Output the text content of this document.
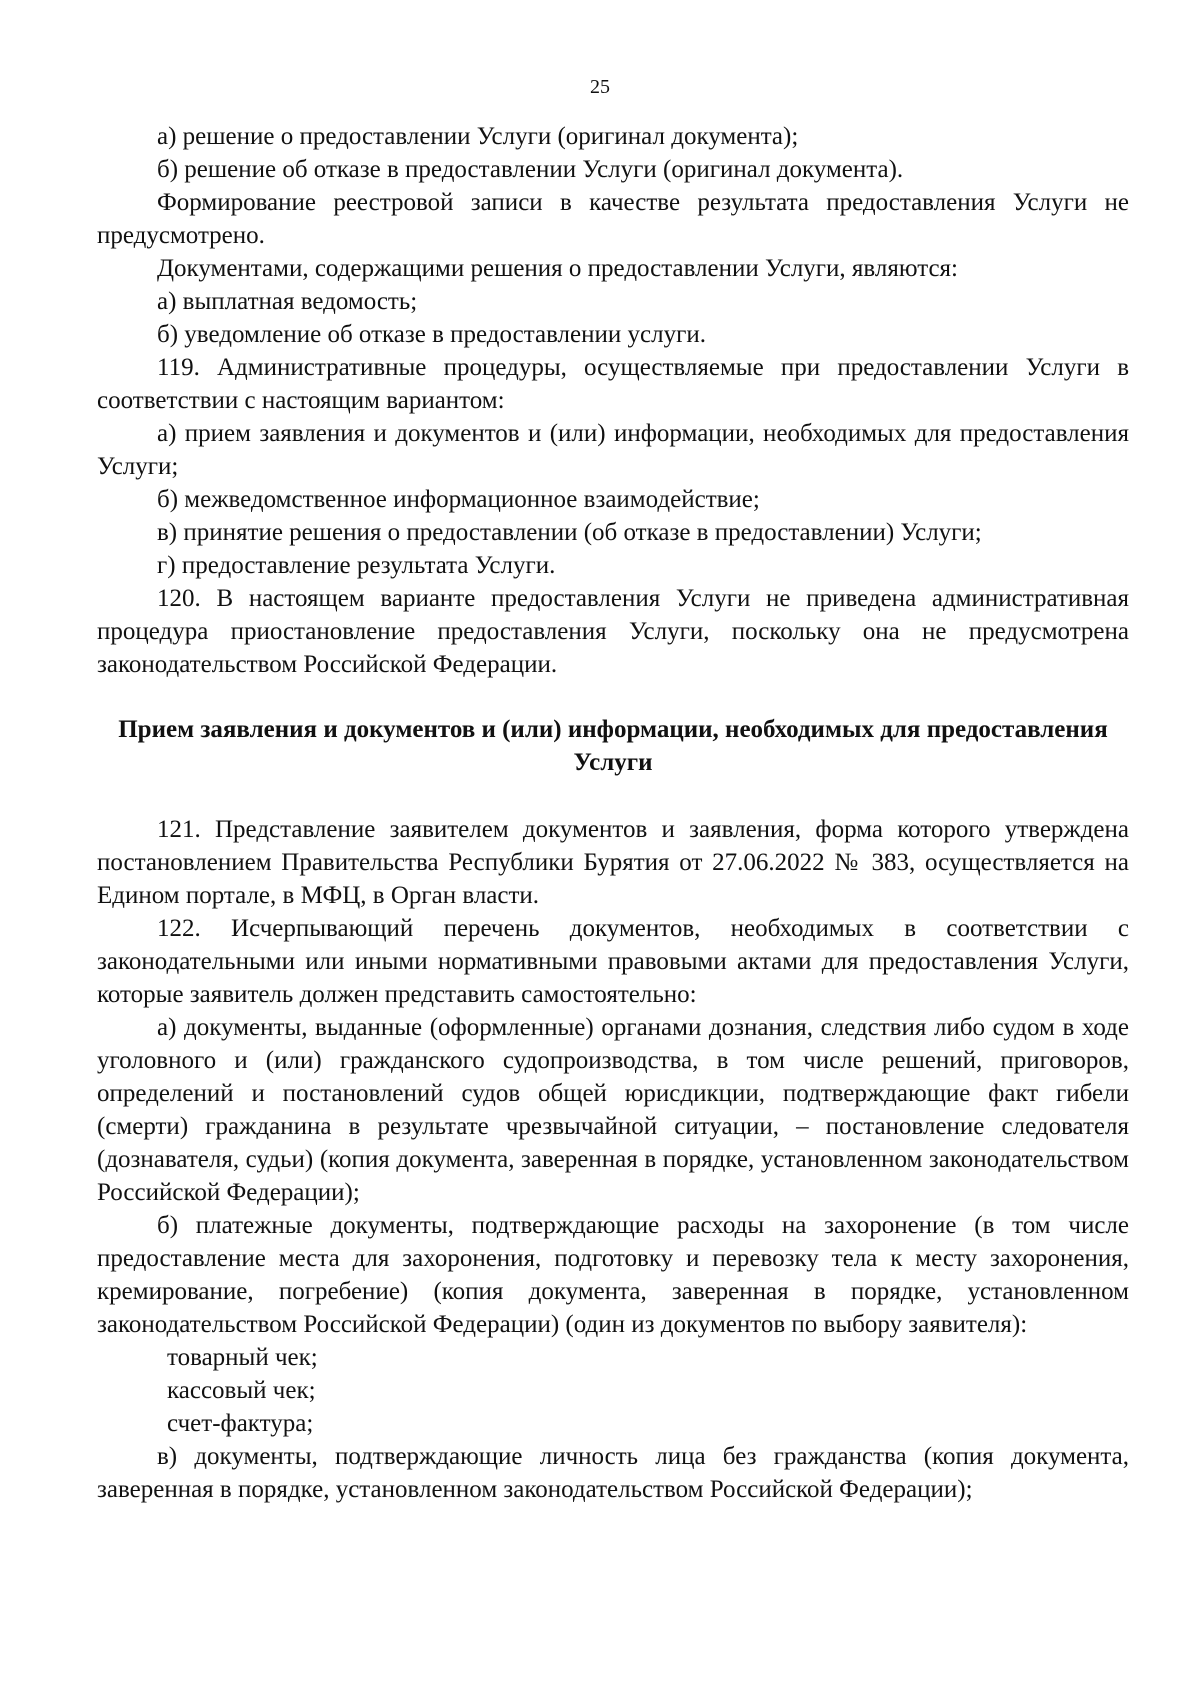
25

а) решение о предоставлении Услуги (оригинал документа);

б) решение об отказе в предоставлении Услуги (оригинал документа).

Формирование реестровой записи в качестве результата предоставления Услуги не предусмотрено.

Документами, содержащими решения о предоставлении Услуги, являются:

а) выплатная ведомость;

б) уведомление об отказе в предоставлении услуги.

119. Административные процедуры, осуществляемые при предоставлении Услуги в соответствии с настоящим вариантом:

а) прием заявления и документов и (или) информации, необходимых для предоставления Услуги;

б) межведомственное информационное взаимодействие;

в) принятие решения о предоставлении (об отказе в предоставлении) Услуги;

г) предоставление результата Услуги.

120. В настоящем варианте предоставления Услуги не приведена административная процедура приостановление предоставления Услуги, поскольку она не предусмотрена законодательством Российской Федерации.

Прием заявления и документов и (или) информации, необходимых для предоставления Услуги

121. Представление заявителем документов и заявления, форма которого утверждена постановлением Правительства Республики Бурятия от 27.06.2022 № 383, осуществляется на Едином портале, в МФЦ, в Орган власти.

122. Исчерпывающий перечень документов, необходимых в соответствии с законодательными или иными нормативными правовыми актами для предоставления Услуги, которые заявитель должен представить самостоятельно:

а) документы, выданные (оформленные) органами дознания, следствия либо судом в ходе уголовного и (или) гражданского судопроизводства, в том числе решений, приговоров, определений и постановлений судов общей юрисдикции, подтверждающие факт гибели (смерти) гражданина в результате чрезвычайной ситуации, – постановление следователя (дознавателя, судьи) (копия документа, заверенная в порядке, установленном законодательством Российской Федерации);

б) платежные документы, подтверждающие расходы на захоронение (в том числе предоставление места для захоронения, подготовку и перевозку тела к месту захоронения, кремирование, погребение) (копия документа, заверенная в порядке, установленном законодательством Российской Федерации) (один из документов по выбору заявителя):

товарный чек;

кассовый чек;

счет-фактура;

в) документы, подтверждающие личность лица без гражданства (копия документа, заверенная в порядке, установленном законодательством Российской Федерации);
